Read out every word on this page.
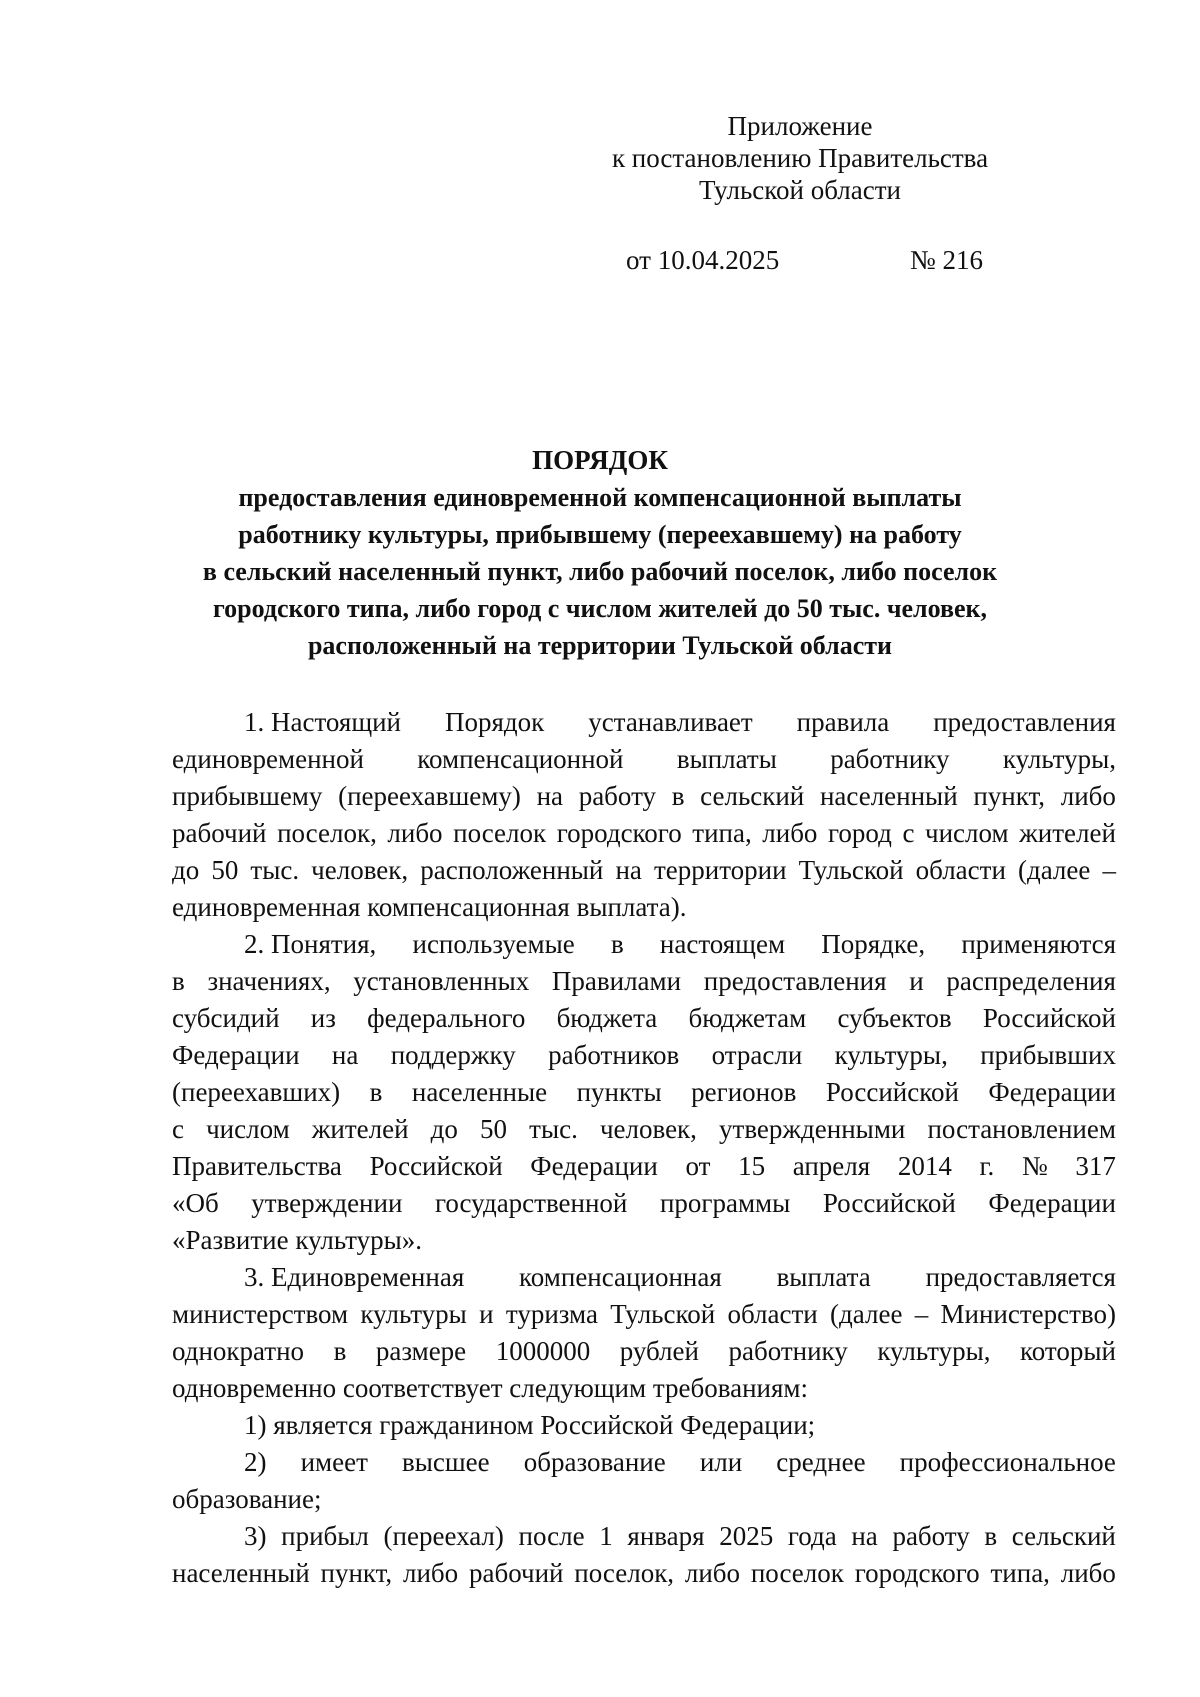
Приложение
к постановлению Правительства
Тульской области
от 10.04.2025	№ 216
ПОРЯДОК
предоставления единовременной компенсационной выплаты
работнику культуры, прибывшему (переехавшему) на работу
в сельский населенный пункт, либо рабочий поселок, либо поселок
городского типа, либо город с числом жителей до 50 тыс. человек,
расположенный на территории Тульской области
1. Настоящий Порядок устанавливает правила предоставления
единовременной компенсационной выплаты работнику культуры,
прибывшему (переехавшему) на работу в сельский населенный пункт, либо
рабочий поселок, либо поселок городского типа, либо город с числом жителей
до 50 тыс. человек, расположенный на территории Тульской области (далее –
единовременная компенсационная выплата).
2. Понятия, используемые в настоящем Порядке, применяются
в значениях, установленных Правилами предоставления и распределения
субсидий из федерального бюджета бюджетам субъектов Российской
Федерации на поддержку работников отрасли культуры, прибывших
(переехавших) в населенные пункты регионов Российской Федерации
с числом жителей до 50 тыс. человек, утвержденными постановлением
Правительства Российской Федерации от 15 апреля 2014 г. № 317
«Об утверждении государственной программы Российской Федерации
«Развитие культуры».
3. Единовременная компенсационная выплата предоставляется
министерством культуры и туризма Тульской области (далее – Министерство)
однократно в размере 1000000 рублей работнику культуры, который
одновременно соответствует следующим требованиям:
1) является гражданином Российской Федерации;
2) имеет высшее образование или среднее профессиональное
образование;
3) прибыл (переехал) после 1 января 2025 года на работу в сельский
населенный пункт, либо рабочий поселок, либо поселок городского типа, либо
